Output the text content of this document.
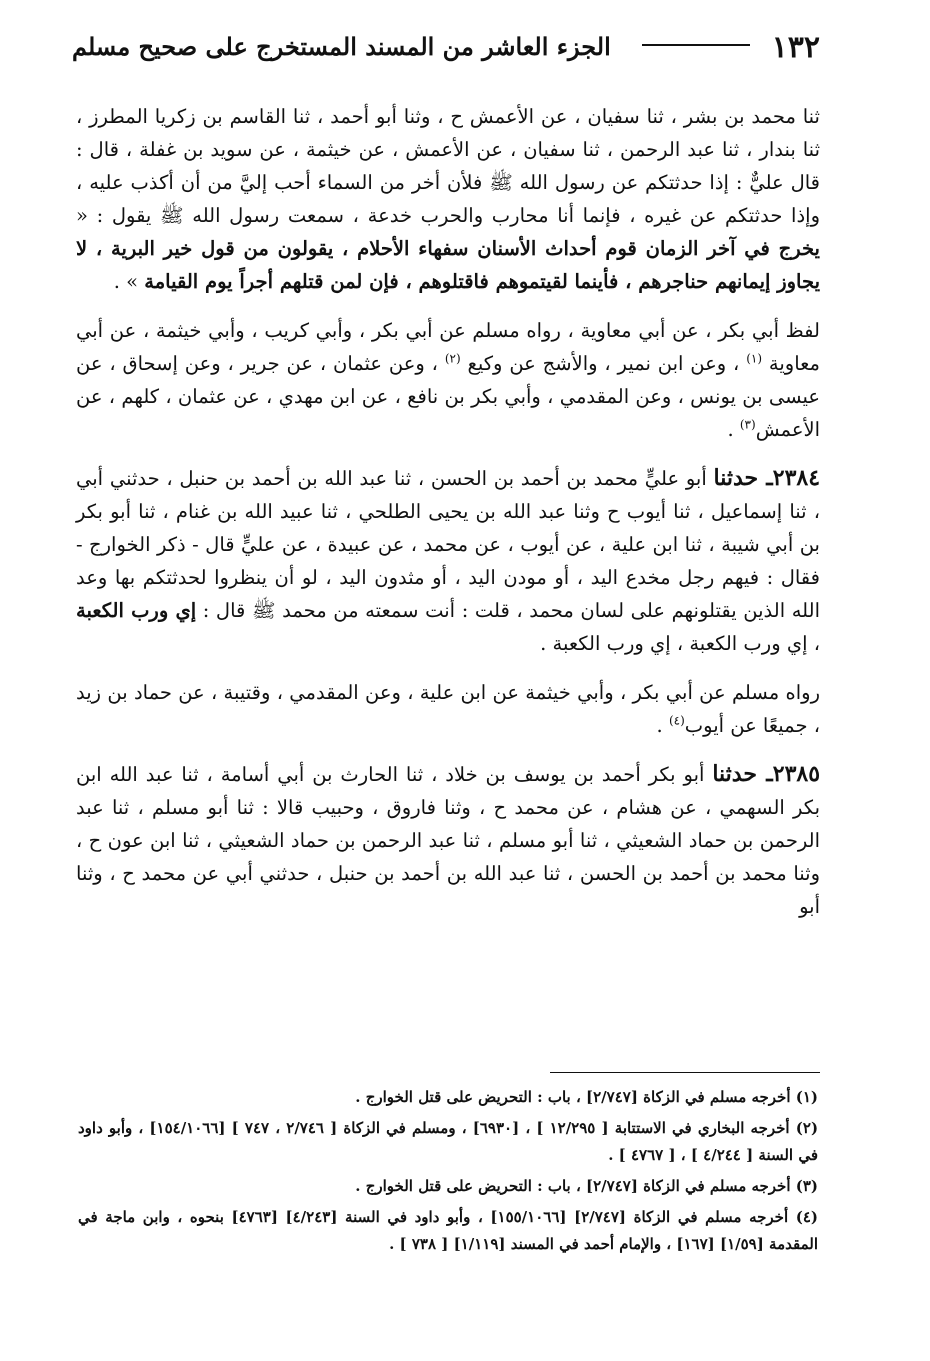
١٣٢
الجزء العاشر من المسند المستخرج على صحيح مسلم

ثنا محمد بن بشر ، ثنا سفيان ، عن الأعمش ح ، وثنا أبو أحمد ، ثنا القاسم بن زكريا المطرز ، ثنا بندار ، ثنا عبد الرحمن ، ثنا سفيان ، عن الأعمش ، عن خيثمة ، عن سويد بن غفلة ، قال : قال عليٌّ : إذا حدثتكم عن رسول الله ﷺ فلأن أخر من السماء أحب إليَّ من أن أكذب عليه ، وإذا حدثتكم عن غيره ، فإنما أنا محارب والحرب خدعة ، سمعت رسول الله ﷺ يقول : « يخرج في آخر الزمان قوم أحداث الأسنان سفهاء الأحلام ، يقولون من قول خير البرية ، لا يجاوز إيمانهم حناجرهم ، فأينما لقيتموهم فاقتلوهم ، فإن لمن قتلهم أجراً يوم القيامة » .

لفظ أبي بكر ، عن أبي معاوية ، رواه مسلم عن أبي بكر ، وأبي كريب ، وأبي خيثمة ، عن أبي معاوية $^{(١)}$ ، وعن ابن نمير ، والأشج عن وكيع $^{(٢)}$ ، وعن عثمان ، عن جرير ، وعن إسحاق ، عن عيسى بن يونس ، وعن المقدمي ، وأبي بكر بن نافع ، عن ابن مهدي ، عن عثمان ، كلهم ، عن الأعمش$^{(٣)}$ .

٢٣٨٤ـ حدثنا أبو عليٍّ محمد بن أحمد بن الحسن ، ثنا عبد الله بن أحمد بن حنبل ، حدثني أبي ، ثنا إسماعيل ، ثنا أيوب ح وثنا عبد الله بن يحيى الطلحي ، ثنا عبيد الله بن غنام ، ثنا أبو بكر بن أبي شيبة ، ثنا ابن علية ، عن أيوب ، عن محمد ، عن عبيدة ، عن عليٍّ قال - ذكر الخوارج - فقال : فيهم رجل مخدع اليد ، أو مودن اليد ، أو مثدون اليد ، لو أن ينظروا لحدثتكم بها وعد الله الذين يقتلونهم على لسان محمد ، قلت : أنت سمعته من محمد ﷺ قال : إي ورب الكعبة ، إي ورب الكعبة ، إي ورب الكعبة .

رواه مسلم عن أبي بكر ، وأبي خيثمة عن ابن علية ، وعن المقدمي ، وقتيبة ، عن حماد بن زيد ، جميعًا عن أيوب$^{(٤)}$ .

٢٣٨٥ـ حدثنا أبو بكر أحمد بن يوسف بن خلاد ، ثنا الحارث بن أبي أسامة ، ثنا عبد الله ابن بكر السهمي ، عن هشام ، عن محمد ح ، وثنا فاروق ، وحبيب قالا : ثنا أبو مسلم ، ثنا عبد الرحمن بن حماد الشعيثي ، ثنا أبو مسلم ، ثنا عبد الرحمن بن حماد الشعيثي ، ثنا ابن عون ح ، وثنا محمد بن أحمد بن الحسن ، ثنا عبد الله بن أحمد بن حنبل ، حدثني أبي عن محمد ح ، وثنا أبو

(١) أخرجه مسلم في الزكاة [٢/٧٤٧] ، باب : التحريض على قتل الخوارج .

(٢) أخرجه البخاري في الاستتابة [ ١٢/٢٩٥ ] ، [٦٩٣٠] ، ومسلم في الزكاة [ ٢/٧٤٦ ، ٧٤٧ ] [١٥٤/١٠٦٦] ، وأبو داود في السنة [ ٤/٢٤٤ ] ، [ ٤٧٦٧ ] .

(٣) أخرجه مسلم في الزكاة [٢/٧٤٧] ، باب : التحريض على قتل الخوارج .

(٤) أخرجه مسلم في الزكاة [٢/٧٤٧] [١٥٥/١٠٦٦] ، وأبو داود في السنة [٤/٢٤٣] [٤٧٦٣] بنحوه ، وابن ماجة في المقدمة [١/٥٩] [١٦٧] ، والإمام أحمد في المسند [١/١١٩] [ ٧٣٨ ] .
